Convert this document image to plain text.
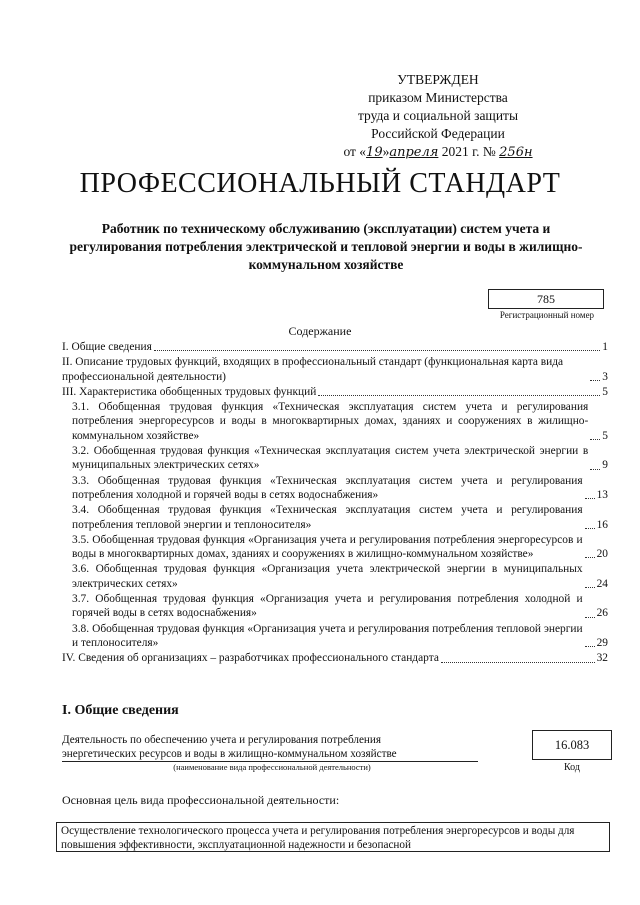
УТВЕРЖДЕН
приказом Министерства
труда и социальной защиты
Российской Федерации
от «19»апреля 2021 г. № 256н
ПРОФЕССИОНАЛЬНЫЙ СТАНДАРТ
Работник по техническому обслуживанию (эксплуатации) систем учета и регулирования потребления электрической и тепловой энергии и воды в жилищно-коммунальном хозяйстве
785
Регистрационный номер
Содержание
I. Общие сведения	1
II. Описание трудовых функций, входящих в профессиональный стандарт (функциональная карта вида профессиональной деятельности)	3
III. Характеристика обобщенных трудовых функций	5
3.1. Обобщенная трудовая функция «Техническая эксплуатация систем учета и регулирования потребления энергоресурсов и воды в многоквартирных домах, зданиях и сооружениях в жилищно-коммунальном хозяйстве»	5
3.2. Обобщенная трудовая функция «Техническая эксплуатация систем учета электрической энергии в муниципальных электрических сетях»	9
3.3. Обобщенная трудовая функция «Техническая эксплуатация систем учета и регулирования потребления холодной и горячей воды в сетях водоснабжения»	13
3.4. Обобщенная трудовая функция «Техническая эксплуатация систем учета и регулирования потребления тепловой энергии и теплоносителя»	16
3.5. Обобщенная трудовая функция «Организация учета и регулирования потребления энергоресурсов и воды в многоквартирных домах, зданиях и сооружениях в жилищно-коммунальном хозяйстве»	20
3.6. Обобщенная трудовая функция «Организация учета электрической энергии в муниципальных электрических сетях»	24
3.7. Обобщенная трудовая функция «Организация учета и регулирования потребления холодной и горячей воды в сетях водоснабжения»	26
3.8. Обобщенная трудовая функция «Организация учета и регулирования потребления тепловой энергии и теплоносителя»	29
IV. Сведения об организациях – разработчиках профессионального стандарта	32
I. Общие сведения
Деятельность по обеспечению учета и регулирования потребления
энергетических ресурсов и воды в жилищно-коммунальном хозяйстве
(наименование вида профессиональной деятельности)
16.083
Код
Основная цель вида профессиональной деятельности:
Осуществление технологического процесса учета и регулирования потребления энергоресурсов и воды для повышения эффективности, эксплуатационной надежности и безопасной
